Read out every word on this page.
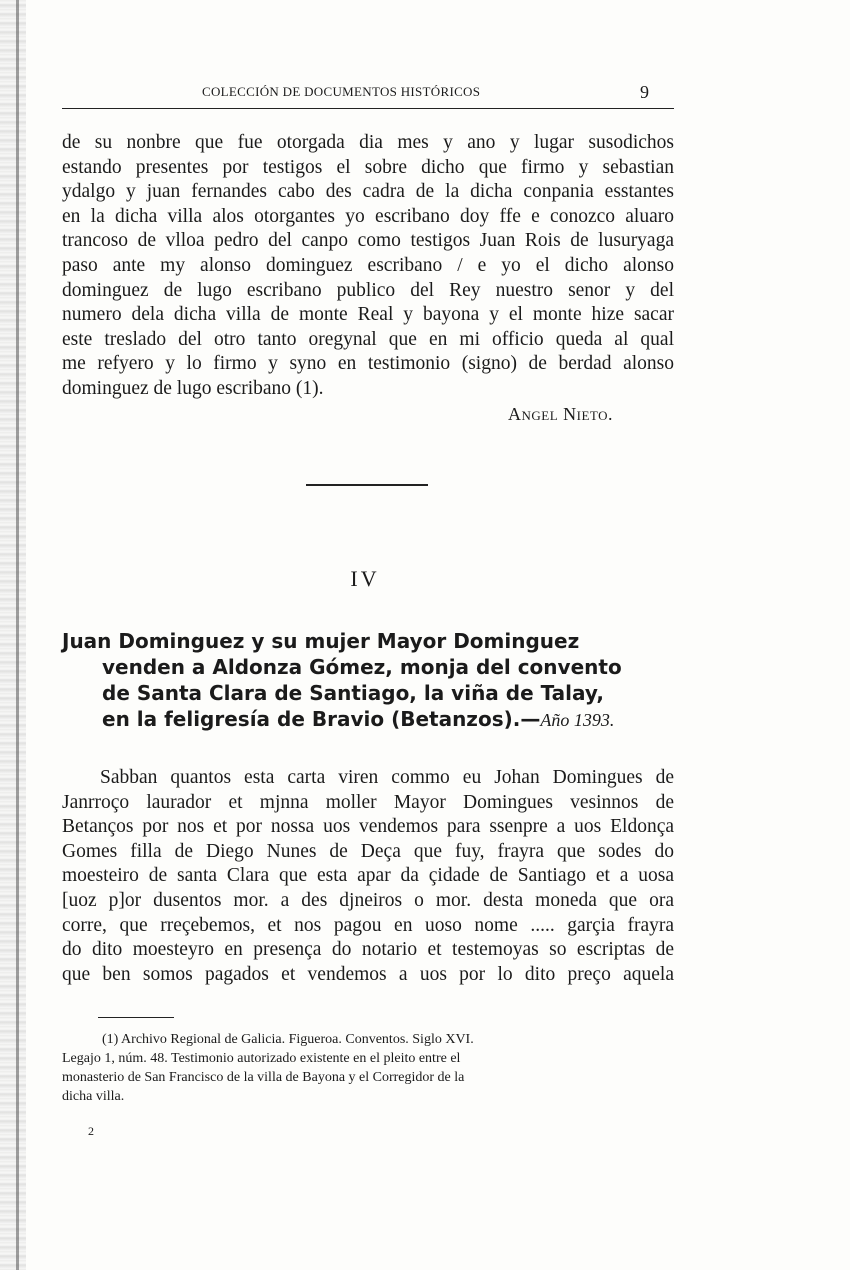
COLECCIÓN DE DOCUMENTOS HISTÓRICOS	9
de su nonbre que fue otorgada dia mes y ano y lugar susodichos
estando presentes por testigos el sobre dicho que firmo y sebastian
ydalgo y juan fernandes cabo des cadra de la dicha conpania esstantes
en la dicha villa alos otorgantes yo escribano doy ffe e conozco aluaro
trancoso de vlloa pedro del canpo como testigos Juan Rois de lusuryaga
paso ante my alonso dominguez escribano / e yo el dicho alonso
dominguez de lugo escribano publico del Rey nuestro senor y del
numero dela dicha villa de monte Real y bayona y el monte hize sacar
este treslado del otro tanto oregynal que en mi officio queda al qual
me refyero y lo firmo y syno en testimonio (signo) de berdad alonso
dominguez de lugo escribano (1).
Angel Nieto.
IV
Juan Dominguez y su mujer Mayor Dominguez
venden a Aldonza Gómez, monja del convento
de Santa Clara de Santiago, la viña de Talay,
en la feligresía de Bravio (Betanzos).—Año 1393.
Sabban quantos esta carta viren commo eu Johan Domingues de
Janrroço laurador et mjnna moller Mayor Domingues vesinnos de
Betanços por nos et por nossa uos vendemos para ssenpre a uos Eldonça
Gomes filla de Diego Nunes de Deça que fuy, frayra que sodes do
moesteiro de santa Clara que esta apar da çidade de Santiago et a uosa
[uoz p]or dusentos mor. a des djneiros o mor. desta moneda que ora
corre, que rreçebemos, et nos pagou en uoso nome ..... garçia frayra
do dito moesteyro en presença do notario et testemoyas so escriptas de
que ben somos pagados et vendemos a uos por lo dito preço aquela
(1) Archivo Regional de Galicia. Figueroa. Conventos. Siglo XVI.
Legajo 1, núm. 48. Testimonio autorizado existente en el pleito entre el
monasterio de San Francisco de la villa de Bayona y el Corregidor de la
dicha villa.
2
